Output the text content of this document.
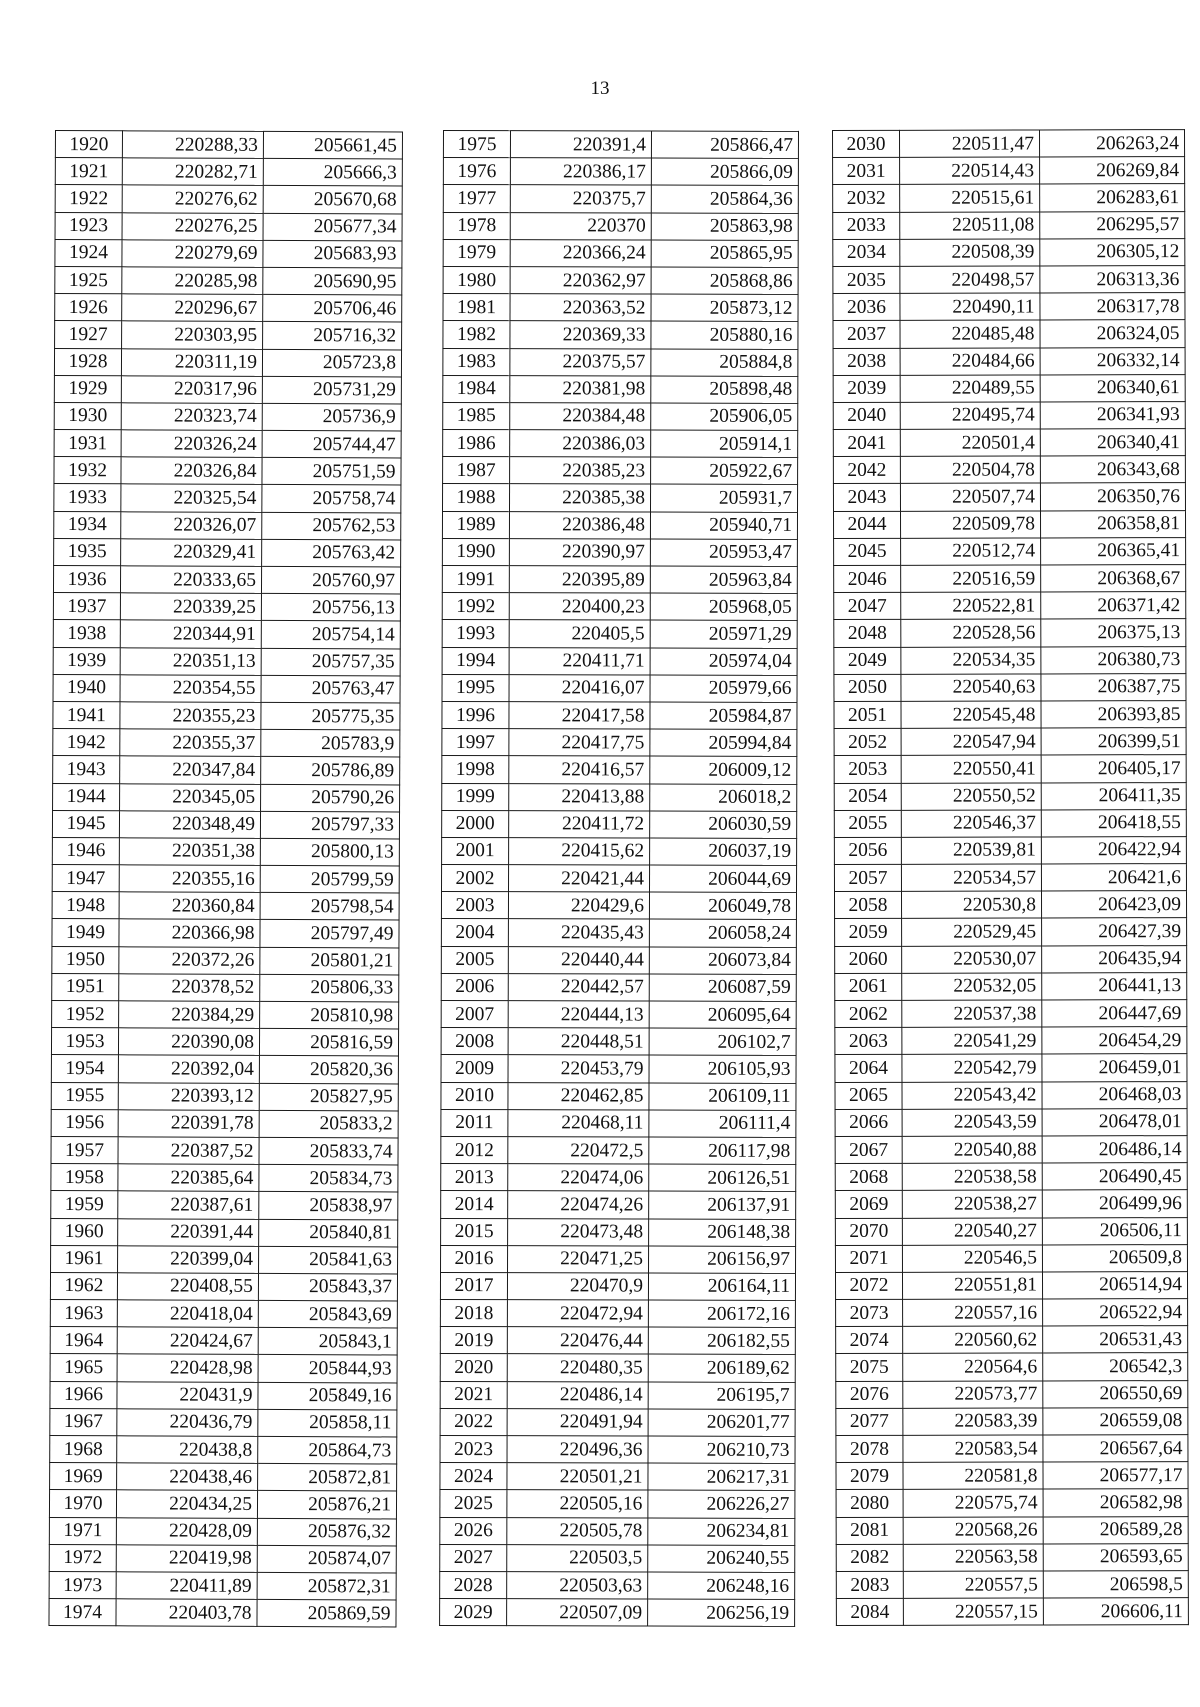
13
1920	220288,33	205661,45
1921	220282,71	205666,3
1922	220276,62	205670,68
1923	220276,25	205677,34
1924	220279,69	205683,93
1925	220285,98	205690,95
1926	220296,67	205706,46
1927	220303,95	205716,32
1928	220311,19	205723,8
1929	220317,96	205731,29
1930	220323,74	205736,9
1931	220326,24	205744,47
1932	220326,84	205751,59
1933	220325,54	205758,74
1934	220326,07	205762,53
1935	220329,41	205763,42
1936	220333,65	205760,97
1937	220339,25	205756,13
1938	220344,91	205754,14
1939	220351,13	205757,35
1940	220354,55	205763,47
1941	220355,23	205775,35
1942	220355,37	205783,9
1943	220347,84	205786,89
1944	220345,05	205790,26
1945	220348,49	205797,33
1946	220351,38	205800,13
1947	220355,16	205799,59
1948	220360,84	205798,54
1949	220366,98	205797,49
1950	220372,26	205801,21
1951	220378,52	205806,33
1952	220384,29	205810,98
1953	220390,08	205816,59
1954	220392,04	205820,36
1955	220393,12	205827,95
1956	220391,78	205833,2
1957	220387,52	205833,74
1958	220385,64	205834,73
1959	220387,61	205838,97
1960	220391,44	205840,81
1961	220399,04	205841,63
1962	220408,55	205843,37
1963	220418,04	205843,69
1964	220424,67	205843,1
1965	220428,98	205844,93
1966	220431,9	205849,16
1967	220436,79	205858,11
1968	220438,8	205864,73
1969	220438,46	205872,81
1970	220434,25	205876,21
1971	220428,09	205876,32
1972	220419,98	205874,07
1973	220411,89	205872,31
1974	220403,78	205869,59
1975	220391,4	205866,47
1976	220386,17	205866,09
1977	220375,7	205864,36
1978	220370	205863,98
1979	220366,24	205865,95
1980	220362,97	205868,86
1981	220363,52	205873,12
1982	220369,33	205880,16
1983	220375,57	205884,8
1984	220381,98	205898,48
1985	220384,48	205906,05
1986	220386,03	205914,1
1987	220385,23	205922,67
1988	220385,38	205931,7
1989	220386,48	205940,71
1990	220390,97	205953,47
1991	220395,89	205963,84
1992	220400,23	205968,05
1993	220405,5	205971,29
1994	220411,71	205974,04
1995	220416,07	205979,66
1996	220417,58	205984,87
1997	220417,75	205994,84
1998	220416,57	206009,12
1999	220413,88	206018,2
2000	220411,72	206030,59
2001	220415,62	206037,19
2002	220421,44	206044,69
2003	220429,6	206049,78
2004	220435,43	206058,24
2005	220440,44	206073,84
2006	220442,57	206087,59
2007	220444,13	206095,64
2008	220448,51	206102,7
2009	220453,79	206105,93
2010	220462,85	206109,11
2011	220468,11	206111,4
2012	220472,5	206117,98
2013	220474,06	206126,51
2014	220474,26	206137,91
2015	220473,48	206148,38
2016	220471,25	206156,97
2017	220470,9	206164,11
2018	220472,94	206172,16
2019	220476,44	206182,55
2020	220480,35	206189,62
2021	220486,14	206195,7
2022	220491,94	206201,77
2023	220496,36	206210,73
2024	220501,21	206217,31
2025	220505,16	206226,27
2026	220505,78	206234,81
2027	220503,5	206240,55
2028	220503,63	206248,16
2029	220507,09	206256,19
2030	220511,47	206263,24
2031	220514,43	206269,84
2032	220515,61	206283,61
2033	220511,08	206295,57
2034	220508,39	206305,12
2035	220498,57	206313,36
2036	220490,11	206317,78
2037	220485,48	206324,05
2038	220484,66	206332,14
2039	220489,55	206340,61
2040	220495,74	206341,93
2041	220501,4	206340,41
2042	220504,78	206343,68
2043	220507,74	206350,76
2044	220509,78	206358,81
2045	220512,74	206365,41
2046	220516,59	206368,67
2047	220522,81	206371,42
2048	220528,56	206375,13
2049	220534,35	206380,73
2050	220540,63	206387,75
2051	220545,48	206393,85
2052	220547,94	206399,51
2053	220550,41	206405,17
2054	220550,52	206411,35
2055	220546,37	206418,55
2056	220539,81	206422,94
2057	220534,57	206421,6
2058	220530,8	206423,09
2059	220529,45	206427,39
2060	220530,07	206435,94
2061	220532,05	206441,13
2062	220537,38	206447,69
2063	220541,29	206454,29
2064	220542,79	206459,01
2065	220543,42	206468,03
2066	220543,59	206478,01
2067	220540,88	206486,14
2068	220538,58	206490,45
2069	220538,27	206499,96
2070	220540,27	206506,11
2071	220546,5	206509,8
2072	220551,81	206514,94
2073	220557,16	206522,94
2074	220560,62	206531,43
2075	220564,6	206542,3
2076	220573,77	206550,69
2077	220583,39	206559,08
2078	220583,54	206567,64
2079	220581,8	206577,17
2080	220575,74	206582,98
2081	220568,26	206589,28
2082	220563,58	206593,65
2083	220557,5	206598,5
2084	220557,15	206606,11
